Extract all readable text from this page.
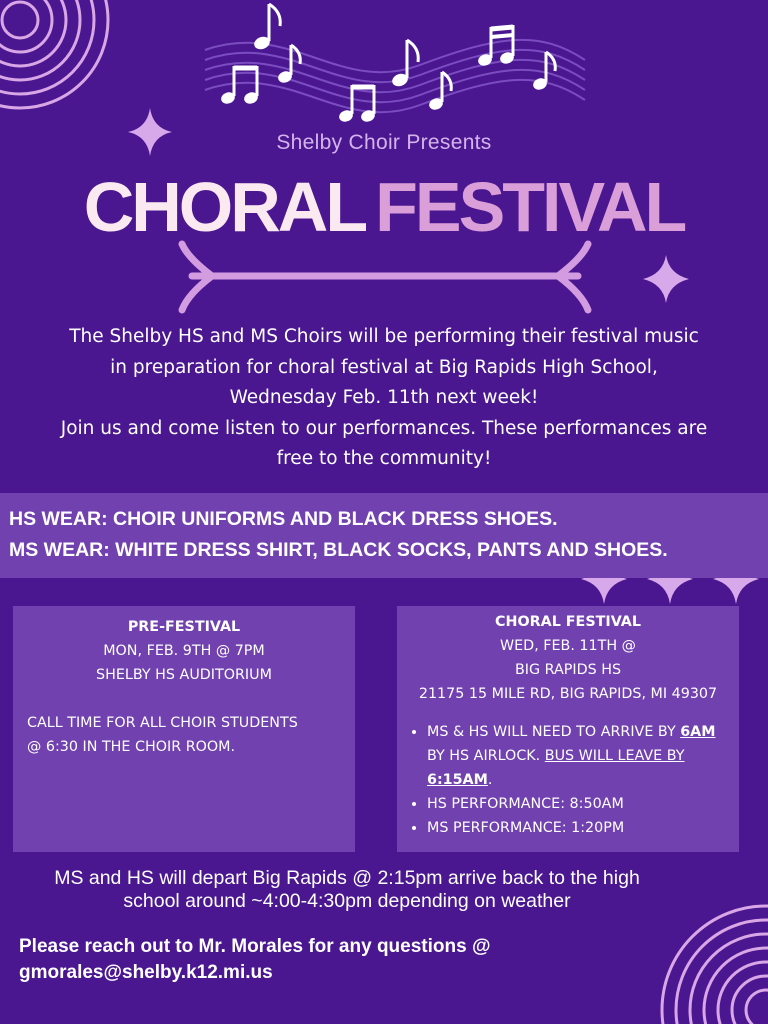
Shelby Choir Presents
CHORAL FESTIVAL

The Shelby HS and MS Choirs will be performing their festival music

in preparation for choral festival at Big Rapids High School,

Wednesday Feb. 11th next week!

Join us and come listen to our performances. These performances are

free to the community!

HS WEAR: CHOIR UNIFORMS AND BLACK DRESS SHOES.

MS WEAR: WHITE DRESS SHIRT, BLACK SOCKS, PANTS AND SHOES.

PRE-FESTIVAL

MON, FEB. 9TH @ 7PM

SHELBY HS AUDITORIUM

CALL TIME FOR ALL CHOIR STUDENTS

@ 6:30 IN THE CHOIR ROOM.

CHORAL FESTIVAL

WED, FEB. 11TH @

BIG RAPIDS HS

21175 15 MILE RD, BIG RAPIDS, MI 49307

• MS & HS WILL NEED TO ARRIVE BY 6AM
BY HS AIRLOCK. BUS WILL LEAVE BY
6:15AM.
• HS PERFORMANCE: 8:50AM
• MS PERFORMANCE: 1:20PM
MS and HS will depart Big Rapids @ 2:15pm arrive back to the high
school around ~4:00-4:30pm depending on weather

Please reach out to Mr. Morales for any questions @

gmorales@shelby.k12.mi.us
